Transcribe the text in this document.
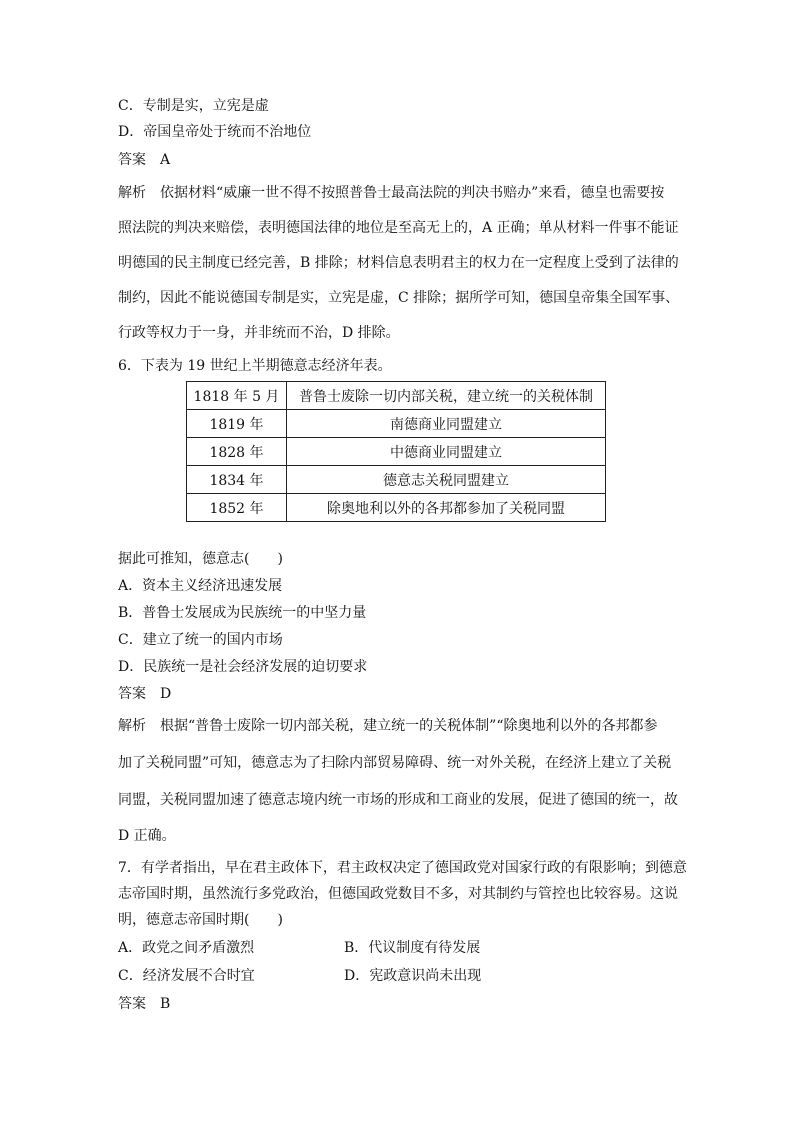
C．专制是实，立宪是虚
D．帝国皇帝处于统而不治地位
答案　A
解析　依据材料“威廉一世不得不按照普鲁士最高法院的判决书赔办”来看，德皇也需要按
照法院的判决来赔偿，表明德国法律的地位是至高无上的，A 正确；单从材料一件事不能证
明德国的民主制度已经完善，B 排除；材料信息表明君主的权力在一定程度上受到了法律的
制约，因此不能说德国专制是实，立宪是虚，C 排除；据所学可知，德国皇帝集全国军事、
行政等权力于一身，并非统而不治，D 排除。
6．下表为 19 世纪上半期德意志经济年表。
1818 年 5 月	普鲁士废除一切内部关税，建立统一的关税体制
1819 年	南德商业同盟建立
1828 年	中德商业同盟建立
1834 年	德意志关税同盟建立
1852 年	除奥地利以外的各邦都参加了关税同盟
据此可推知，德意志(　　)
A．资本主义经济迅速发展
B．普鲁士发展成为民族统一的中坚力量
C．建立了统一的国内市场
D．民族统一是社会经济发展的迫切要求
答案　D
解析　根据“普鲁士废除一切内部关税，建立统一的关税体制”“除奥地利以外的各邦都参
加了关税同盟”可知，德意志为了扫除内部贸易障碍、统一对外关税，在经济上建立了关税
同盟，关税同盟加速了德意志境内统一市场的形成和工商业的发展，促进了德国的统一，故
D 正确。
7．有学者指出，早在君主政体下，君主政权决定了德国政党对国家行政的有限影响；到德意
志帝国时期，虽然流行多党政治，但德国政党数目不多，对其制约与管控也比较容易。这说
明，德意志帝国时期(　　)
A．政党之间矛盾激烈	B．代议制度有待发展
C．经济发展不合时宜	D．宪政意识尚未出现
答案　B
